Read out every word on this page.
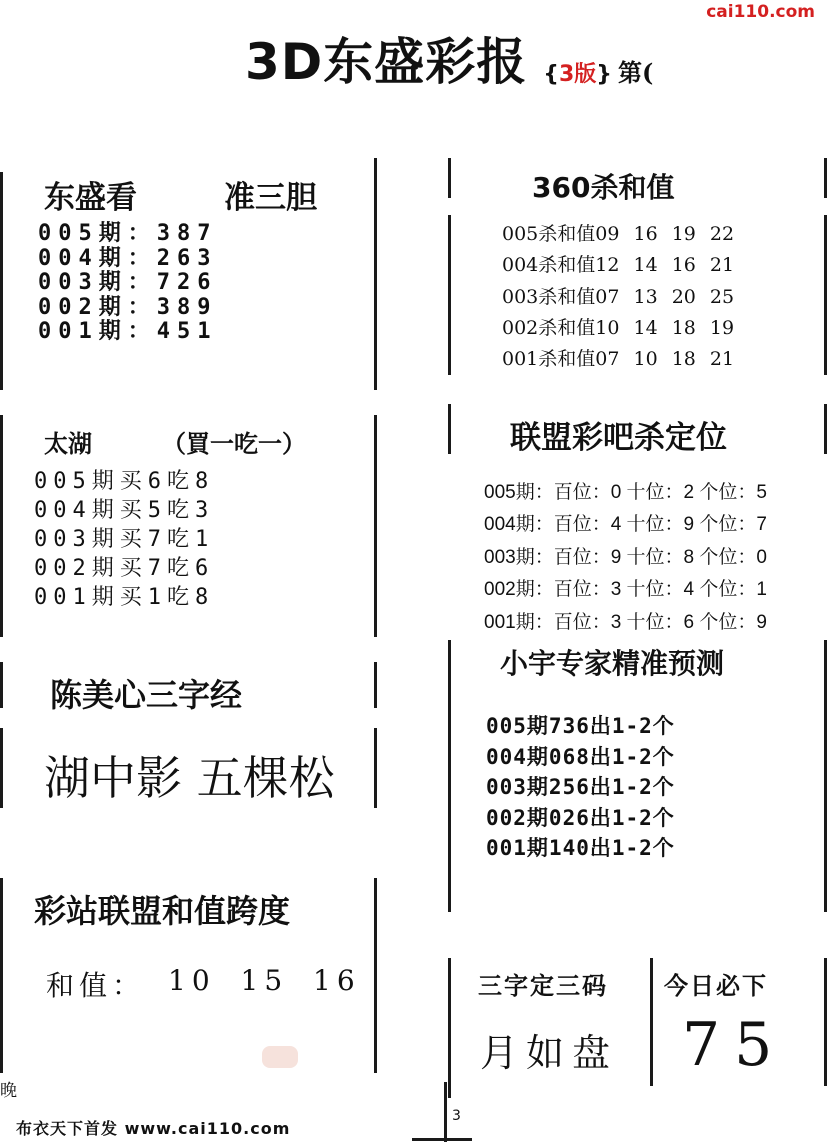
cai110.com
3D东盛彩报 {3版} 第(
东盛看	准三胆
005期：387
004期：263
003期：726
002期：389
001期：451
太湖	（買一吃一）
005期买6吃8
004期买5吃3
003期买7吃1
002期买7吃6
001期买1吃8
陈美心三字经
湖中影 五棵松
彩站联盟和值跨度
和值： 10 15 16
360杀和值
005杀和值09 16 19 22
004杀和值12 14 16 21
003杀和值07 13 20 25
002杀和值10 14 18 19
001杀和值07 10 18 21
联盟彩吧杀定位
005期：百位：0 十位：2 个位：5
004期：百位：4 十位：9 个位：7
003期：百位：9 十位：8 个位：0
002期：百位：3 十位：4 个位：1
001期：百位：3 十位：6 个位：9
小宇专家精准预测
005期736出1-2个
004期068出1-2个
003期256出1-2个
002期026出1-2个
001期140出1-2个
三字定三码
月如盘
今日必下
75
晚
3
布衣天下首发 www.cai110.com
